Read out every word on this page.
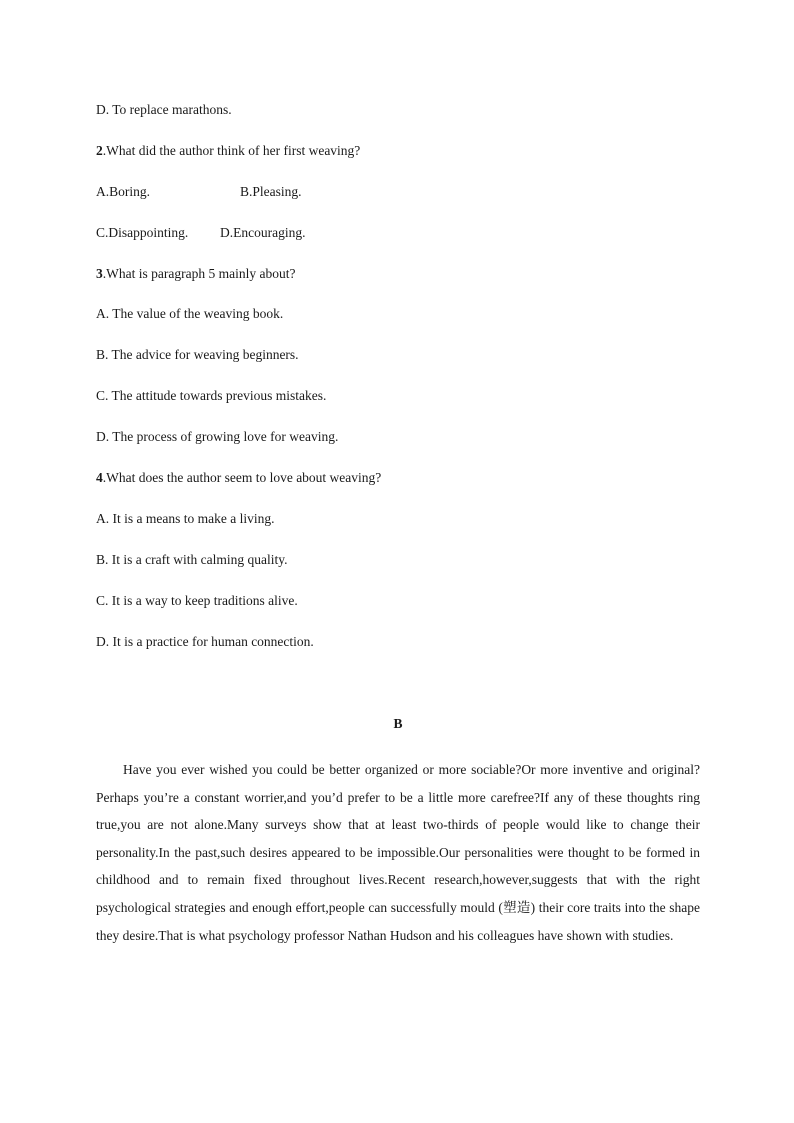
D. To replace marathons.
2.What did the author think of her first weaving?
A.Boring.	B.Pleasing.
C.Disappointing.	D.Encouraging.
3.What is paragraph 5 mainly about?
A. The value of the weaving book.
B. The advice for weaving beginners.
C. The attitude towards previous mistakes.
D. The process of growing love for weaving.
4.What does the author seem to love about weaving?
A. It is a means to make a living.
B. It is a craft with calming quality.
C. It is a way to keep traditions alive.
D. It is a practice for human connection.
B

Have you ever wished you could be better organized or more sociable?Or more inventive and original?Perhaps you’re a constant worrier,and you’d prefer to be a little more carefree?If any of these thoughts ring true,you are not alone.Many surveys show that at least two-thirds of people would like to change their personality.In the past,such desires appeared to be impossible.Our personalities were thought to be formed in childhood and to remain fixed throughout lives.Recent research,however,suggests that with the right psychological strategies and enough effort,people can successfully mould (塑造) their core traits into the shape they desire.That is what psychology professor Nathan Hudson and his colleagues have shown with studies.
